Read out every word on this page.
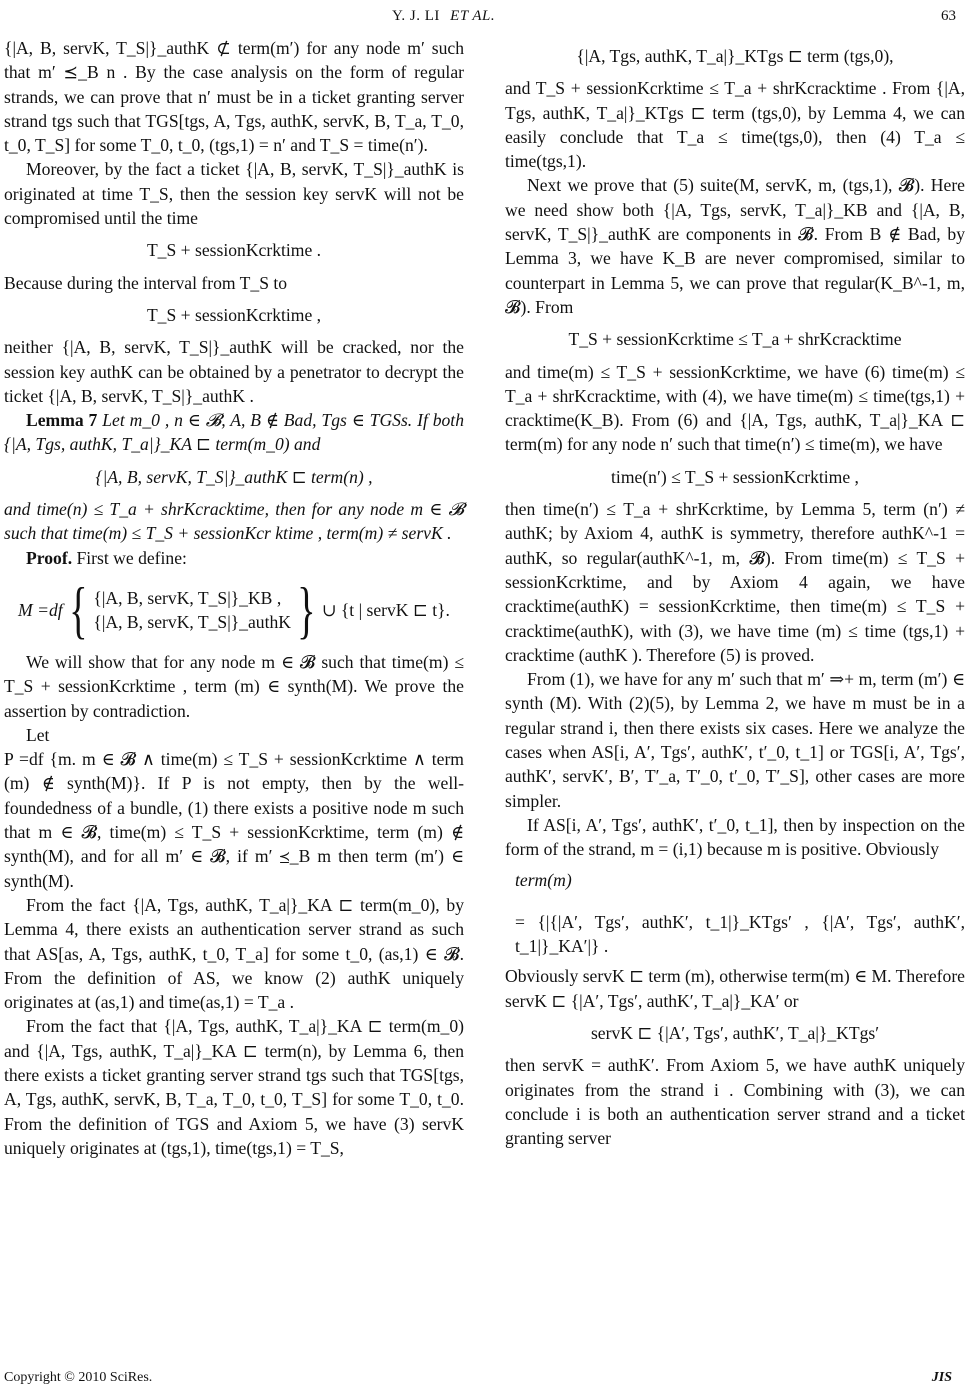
Y. J. LI ET AL.	63

{|A, B, servK, T_S|}_authK ⊄ term(m′) for any node m′ such that m′ ⪯_B n . By the case analysis on the form of regular strands, we can prove that n′ must be in a ticket granting server strand tgs such that TGS[tgs, A, Tgs, authK, servK, B, T_a, T_0, t_0, T_S] for some T_0, t_0, (tgs,1) = n′ and T_S = time(n′).

Moreover, by the fact a ticket {|A, B, servK, T_S|}_authK is originated at time T_S, then the session key servK will not be compromised until the time

T_S + sessionKcrktime .

Because during the interval from T_S to

T_S + sessionKcrktime ,

neither {|A, B, servK, T_S|}_authK will be cracked, nor the session key authK can be obtained by a penetrator to decrypt the ticket {|A, B, servK, T_S|}_authK .

Lemma 7 Let m_0 , n ∈ 𝓑, A, B ∉ Bad, Tgs ∈ TGSs. If both {|A, Tgs, authK, T_a|}_KA ⊏ term(m_0) and

{|A, B, servK, T_S|}_authK ⊏ term(n) ,

and time(n) ≤ T_a + shrKcracktime, then for any node m ∈ 𝓑 such that time(m) ≤ T_S + sessionKcr ktime , term(m) ≠ servK .

Proof. First we define:

M =df { {|A, B, servK, T_S|}_KB ,
{|A, B, servK, T_S|}_authK } ∪ {t | servK ⊏ t}.

We will show that for any node m ∈ 𝓑 such that time(m) ≤ T_S + sessionKcrktime , term (m) ∈ synth(M). We prove the assertion by contradiction.

Let

P =df {m. m ∈ 𝓑 ∧ time(m) ≤ T_S + sessionKcrktime ∧ term (m) ∉ synth(M)}. If P is not empty, then by the well-foundedness of a bundle, (1) there exists a positive node m such that m ∈ 𝓑, time(m) ≤ T_S + sessionKcrktime, term (m) ∉ synth(M), and for all m′ ∈ 𝓑, if m′ ⪯_B m then term (m′) ∈ synth(M).

From the fact {|A, Tgs, authK, T_a|}_KA ⊏ term(m_0), by Lemma 4, there exists an authentication server strand as such that AS[as, A, Tgs, authK, t_0, T_a] for some t_0, (as,1) ∈ 𝓑. From the definition of AS, we know (2) authK uniquely originates at (as,1) and time(as,1) = T_a .

From the fact that {|A, Tgs, authK, T_a|}_KA ⊏ term(m_0) and {|A, Tgs, authK, T_a|}_KA ⊏ term(n), by Lemma 6, then there exists a ticket granting server strand tgs such that TGS[tgs, A, Tgs, authK, servK, B, T_a, T_0, t_0, T_S] for some T_0, t_0. From the definition of TGS and Axiom 5, we have (3) servK uniquely originates at (tgs,1), time(tgs,1) = T_S,

{|A, Tgs, authK, T_a|}_KTgs ⊏ term (tgs,0),

and T_S + sessionKcrktime ≤ T_a + shrKcracktime . From {|A, Tgs, authK, T_a|}_KTgs ⊏ term (tgs,0), by Lemma 4, we can easily conclude that T_a ≤ time(tgs,0), then (4) T_a ≤ time(tgs,1).

Next we prove that (5) suite(M, servK, m, (tgs,1), 𝓑). Here we need show both {|A, Tgs, servK, T_a|}_KB and {|A, B, servK, T_S|}_authK are components in 𝓑. From B ∉ Bad, by Lemma 3, we have K_B are never compromised, similar to counterpart in Lemma 5, we can prove that regular(K_B^-1, m, 𝓑). From

T_S + sessionKcrktime ≤ T_a + shrKcracktime

and time(m) ≤ T_S + sessionKcrktime, we have (6) time(m) ≤ T_a + shrKcracktime, with (4), we have time(m) ≤ time(tgs,1) + cracktime(K_B). From (6) and {|A, Tgs, authK, T_a|}_KA ⊏ term(m) for any node n′ such that time(n′) ≤ time(m), we have

time(n′) ≤ T_S + sessionKcrktime ,

then time(n′) ≤ T_a + shrKcrktime, by Lemma 5, term (n′) ≠ authK; by Axiom 4, authK is symmetry, therefore authK^-1 = authK, so regular(authK^-1, m, 𝓑). From time(m) ≤ T_S + sessionKcrktime, and by Axiom 4 again, we have cracktime(authK) = sessionKcrktime, then time(m) ≤ T_S + cracktime(authK), with (3), we have time (m) ≤ time (tgs,1) + cracktime (authK ). Therefore (5) is proved.

From (1), we have for any m′ such that m′ ⇒+ m, term (m′) ∈ synth (M). With (2)(5), by Lemma 2, we have m must be in a regular strand i, then there exists six cases. Here we analyze the cases when AS[i, A′, Tgs′, authK′, t′_0, t_1] or TGS[i, A′, Tgs′, authK′, servK′, B′, T′_a, T′_0, t′_0, T′_S], other cases are more simpler.

If AS[i, A′, Tgs′, authK′, t′_0, t_1], then by inspection on the form of the strand, m = (i,1) because m is positive. Obviously

term(m)

= {|{|A′, Tgs′, authK′, t_1|}_KTgs′ , {|A′, Tgs′, authK′, t_1|}_KA′|} .

Obviously servK ⊏ term (m), otherwise term(m) ∈ M. Therefore servK ⊏ {|A′, Tgs′, authK′, T_a|}_KA′ or

servK ⊏ {|A′, Tgs′, authK′, T_a|}_KTgs′

then servK = authK′. From Axiom 5, we have authK uniquely originates from the strand i . Combining with (3), we can conclude i is both an authentication server strand and a ticket granting server

Copyright © 2010 SciRes.	JIS
